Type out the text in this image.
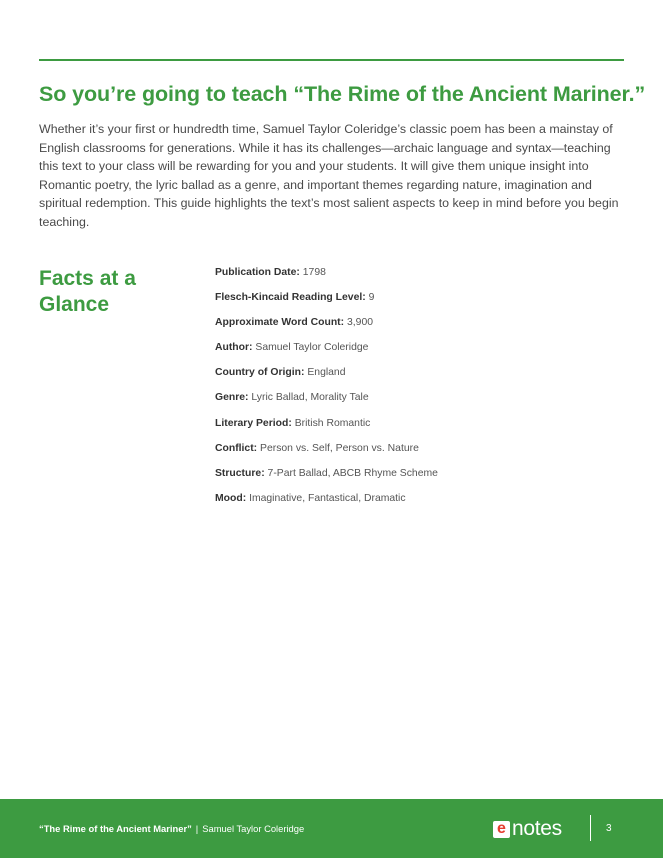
So you’re going to teach “The Rime of the Ancient Mariner.”

Whether it’s your first or hundredth time, Samuel Taylor Coleridge’s classic poem has been a mainstay of English classrooms for generations. While it has its challenges—archaic language and syntax—teaching this text to your class will be rewarding for you and your students. It will give them unique insight into Romantic poetry, the lyric ballad as a genre, and important themes regarding nature, imagination and spiritual redemption. This guide highlights the text’s most salient aspects to keep in mind before you begin teaching.

Facts at a Glance
Publication Date: 1798
Flesch-Kincaid Reading Level: 9
Approximate Word Count: 3,900
Author: Samuel Taylor Coleridge
Country of Origin: England
Genre: Lyric Ballad, Morality Tale
Literary Period: British Romantic
Conflict: Person vs. Self, Person vs. Nature
Structure: 7-Part Ballad, ABCB Rhyme Scheme
Mood: Imaginative, Fantastical, Dramatic
“The Rime of the Ancient Mariner” | Samuel Taylor Coleridge	e notes	3
